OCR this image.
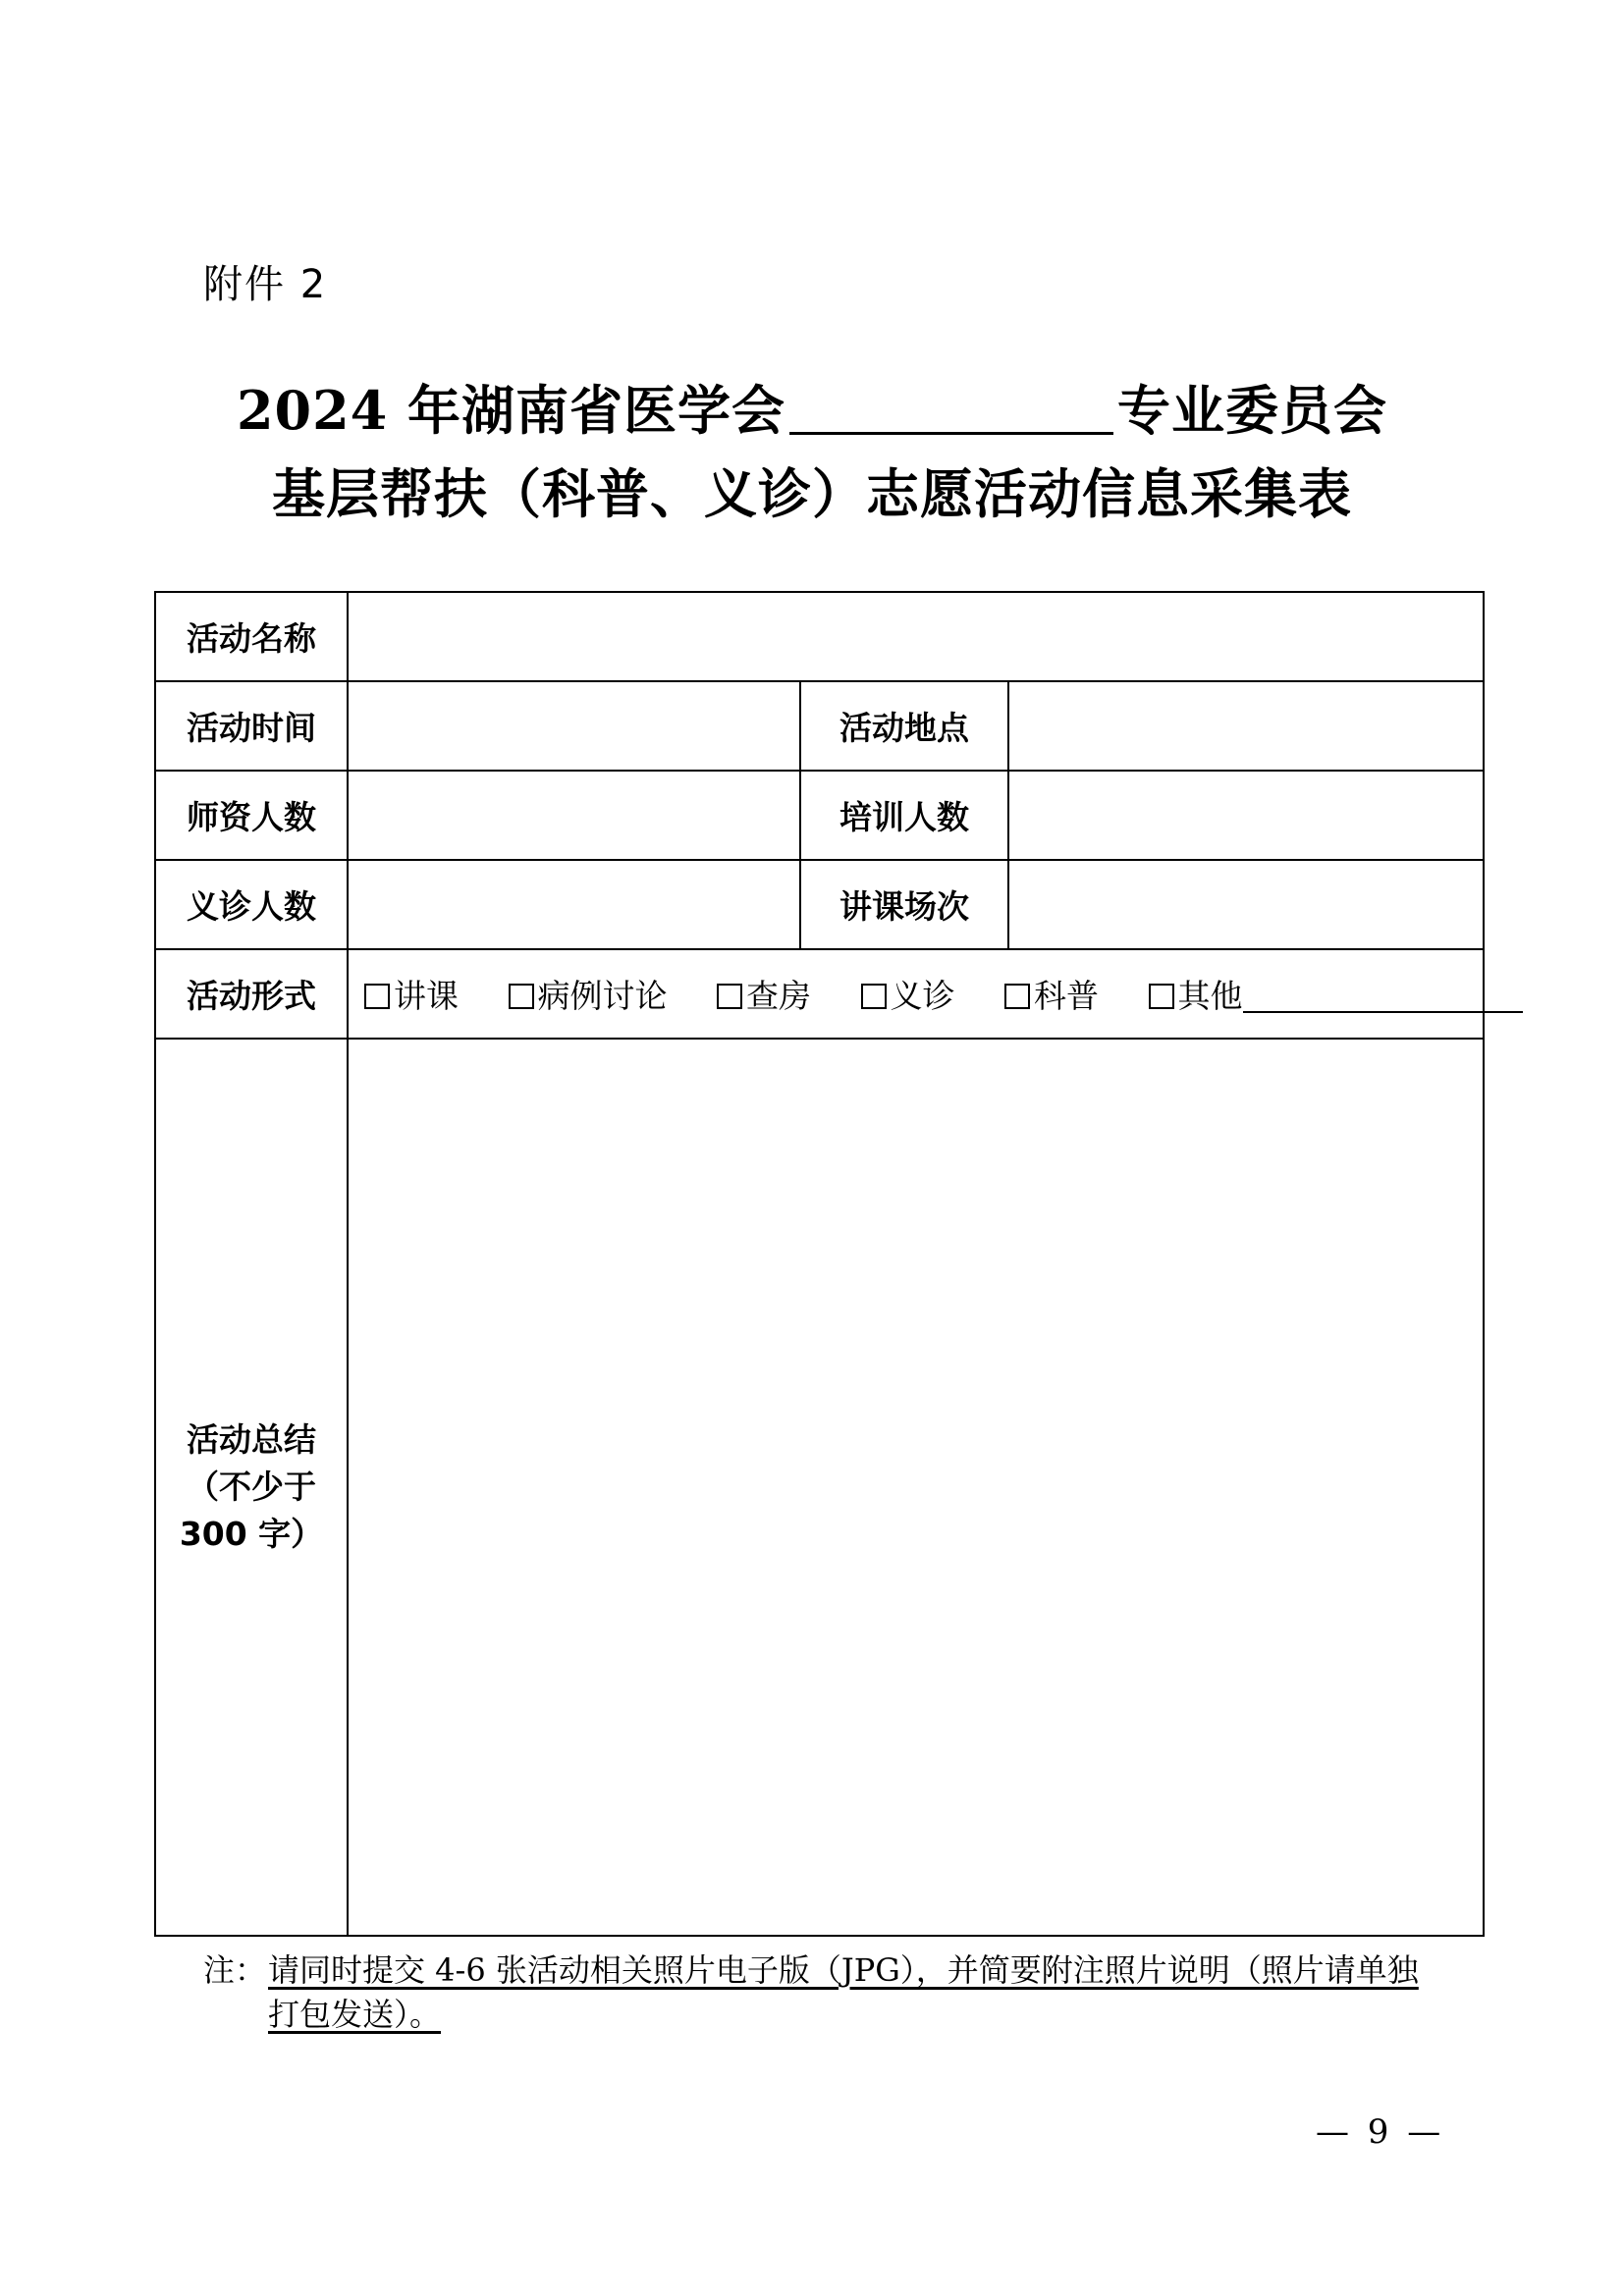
附件 2
2024 年湖南省医学会	专业委员会
基层帮扶（科普、义诊）志愿活动信息采集表
活动名称			
活动时间		活动地点	
师资人数		培训人数	
义诊人数		讲课场次	
活动形式	讲课 病例讨论 查房 义诊 科普 其他		

活动总结
（不少于
300 字）			

注： 请同时提交 4-6 张活动相关照片电子版（JPG），并简要附注照片说明（照片请单独打包发送）。
— 9 —
